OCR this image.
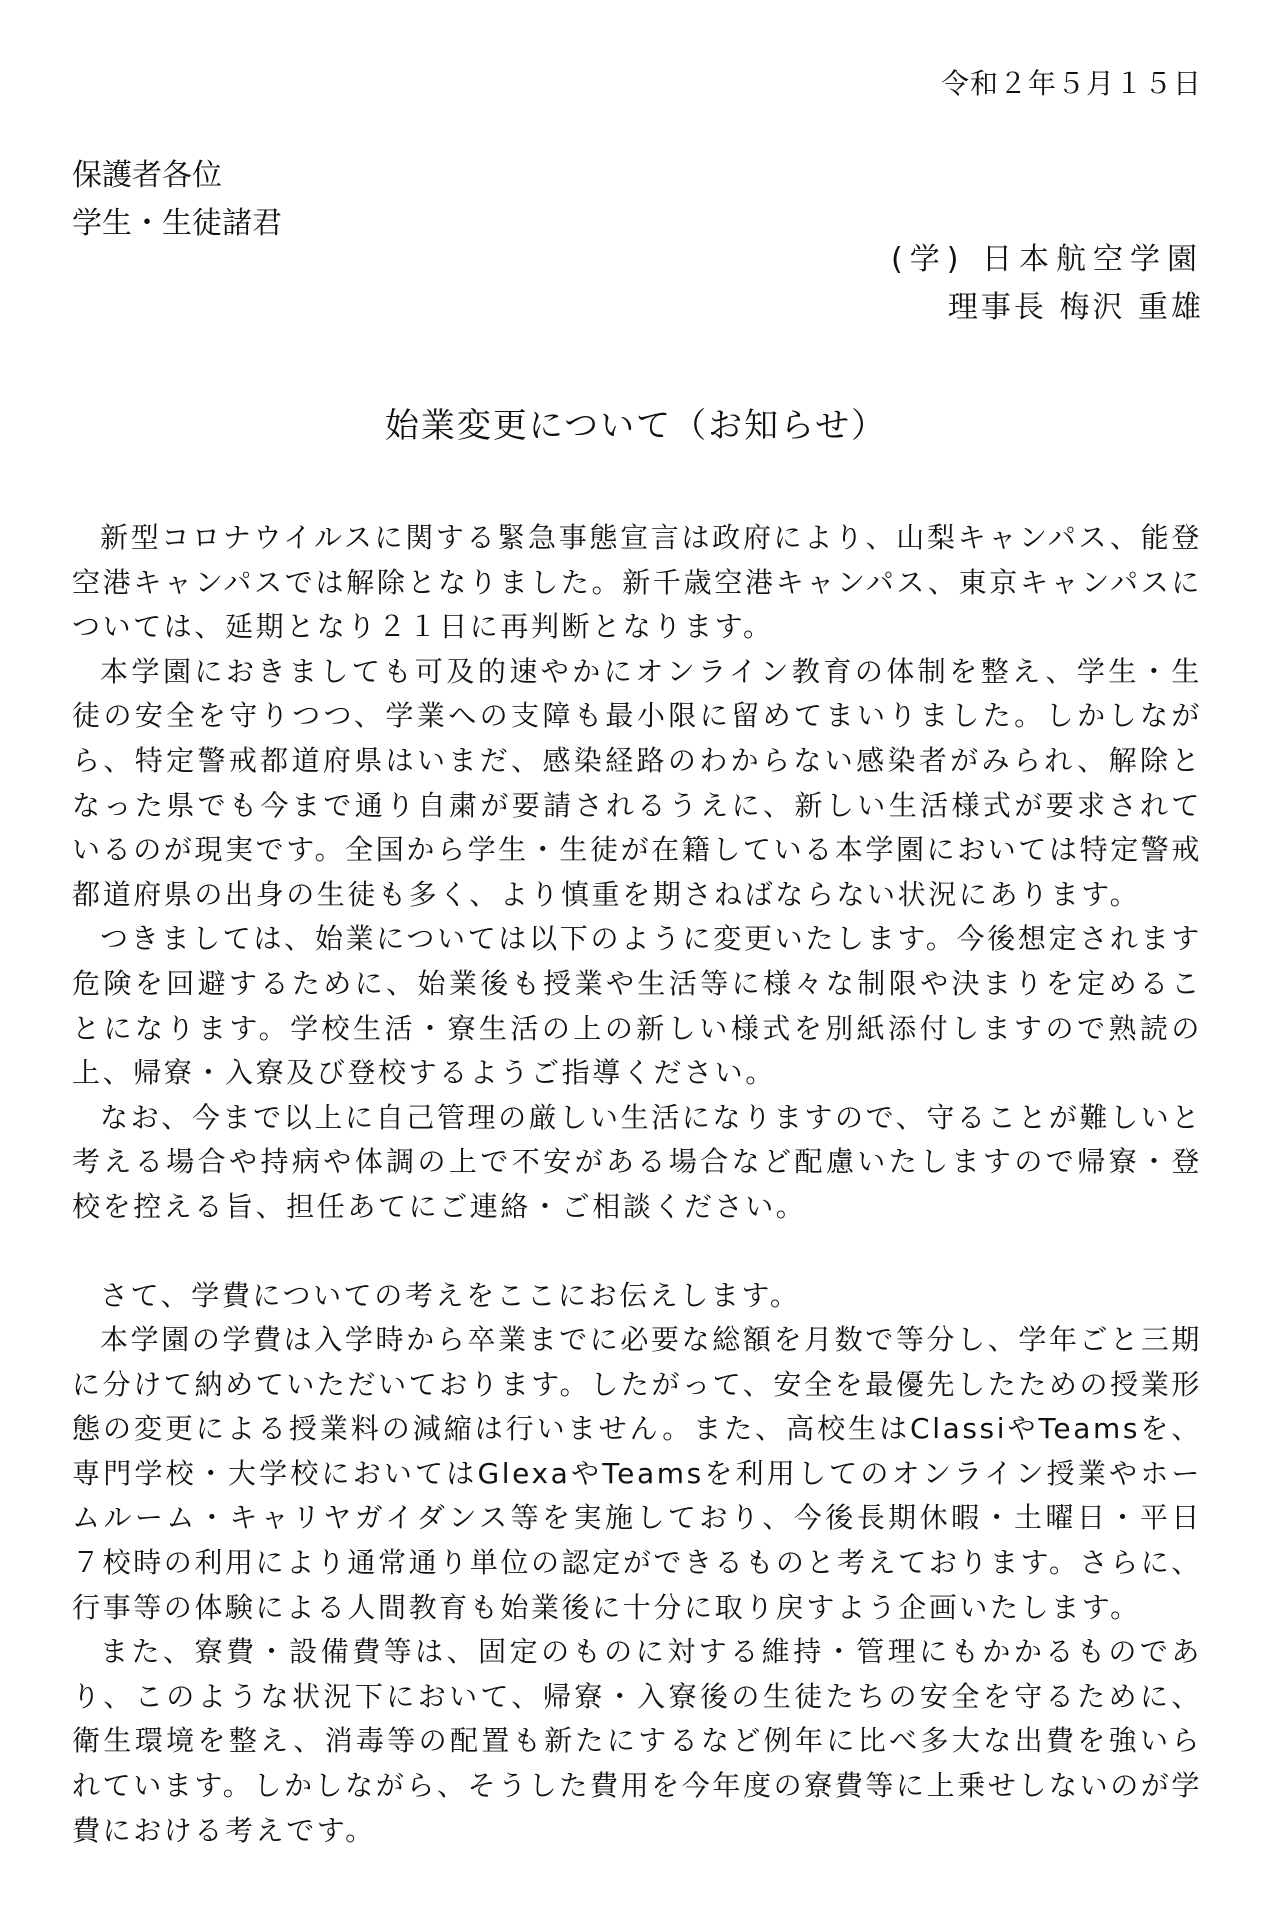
令和２年５月１５日
保護者各位
学生・生徒諸君
(学) 日本航空学園
理事長 梅沢 重雄
始業変更について（お知らせ）

新型コロナウイルスに関する緊急事態宣言は政府により、山梨キャンパス、能登空港キャンパスでは解除となりました。新千歳空港キャンパス、東京キャンパスについては、延期となり２１日に再判断となります。

本学園におきましても可及的速やかにオンライン教育の体制を整え、学生・生徒の安全を守りつつ、学業への支障も最小限に留めてまいりました。しかしながら、特定警戒都道府県はいまだ、感染経路のわからない感染者がみられ、解除となった県でも今まで通り自粛が要請されるうえに、新しい生活様式が要求されているのが現実です。全国から学生・生徒が在籍している本学園においては特定警戒都道府県の出身の生徒も多く、より慎重を期さねばならない状況にあります。

つきましては、始業については以下のように変更いたします。今後想定されます危険を回避するために、始業後も授業や生活等に様々な制限や決まりを定めることになります。学校生活・寮生活の上の新しい様式を別紙添付しますので熟読の上、帰寮・入寮及び登校するようご指導ください。

なお、今まで以上に自己管理の厳しい生活になりますので、守ることが難しいと考える場合や持病や体調の上で不安がある場合など配慮いたしますので帰寮・登校を控える旨、担任あてにご連絡・ご相談ください。

さて、学費についての考えをここにお伝えします。

本学園の学費は入学時から卒業までに必要な総額を月数で等分し、学年ごと三期に分けて納めていただいております。したがって、安全を最優先したための授業形態の変更による授業料の減縮は行いません。また、高校生はClassiやTeamsを、専門学校・大学校においてはGlexaやTeamsを利用してのオンライン授業やホームルーム・キャリヤガイダンス等を実施しており、今後長期休暇・土曜日・平日７校時の利用により通常通り単位の認定ができるものと考えております。さらに、行事等の体験による人間教育も始業後に十分に取り戻すよう企画いたします。

また、寮費・設備費等は、固定のものに対する維持・管理にもかかるものであり、このような状況下において、帰寮・入寮後の生徒たちの安全を守るために、衛生環境を整え、消毒等の配置も新たにするなど例年に比べ多大な出費を強いられています。しかしながら、そうした費用を今年度の寮費等に上乗せしないのが学費における考えです。
